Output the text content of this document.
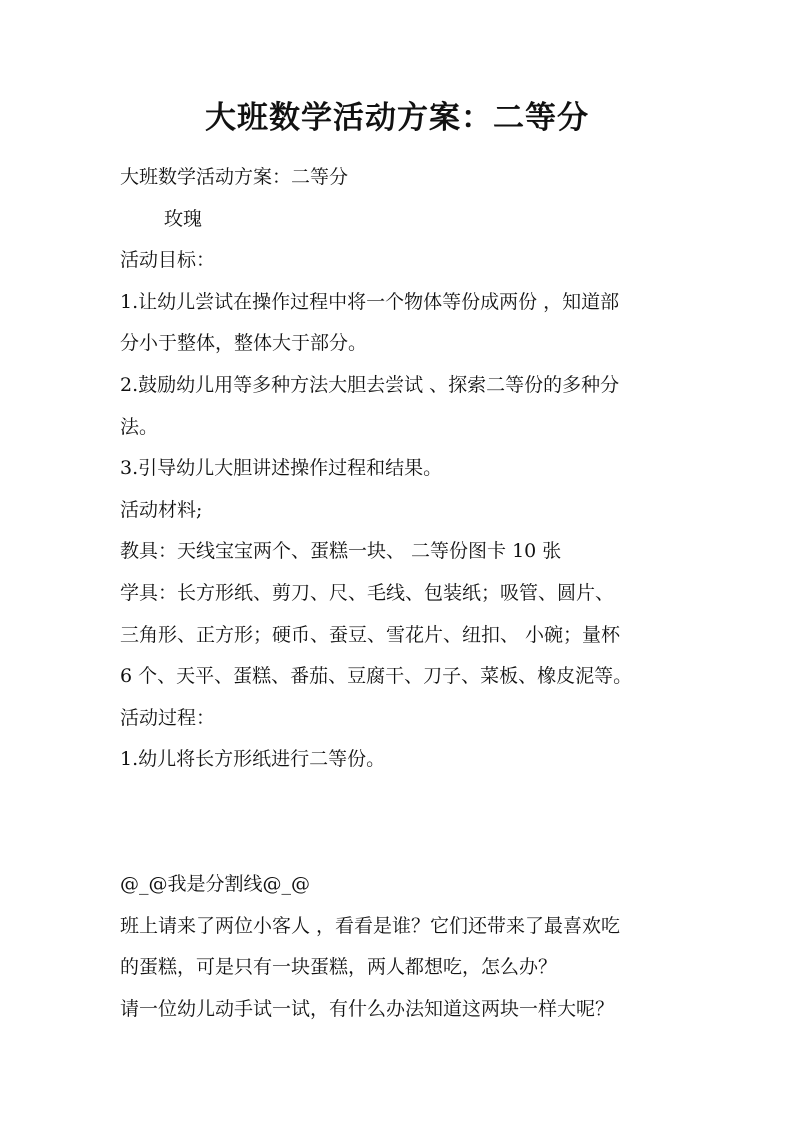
大班数学活动方案：二等分
大班数学活动方案：二等分
玫瑰
活动目标：
1.让幼儿尝试在操作过程中将一个物体等份成两份 ，知道部
分小于整体，整体大于部分。
2.鼓励幼儿用等多种方法大胆去尝试 、探索二等份的多种分
法。
3.引导幼儿大胆讲述操作过程和结果。
活动材料;
教具：天线宝宝两个、蛋糕一块、 二等份图卡 10 张
学具：长方形纸、剪刀、尺、毛线、包装纸；吸管、圆片、
三角形、正方形；硬币、蚕豆、雪花片、纽扣、 小碗；量杯
6 个、天平、蛋糕、番茄、豆腐干、刀子、菜板、橡皮泥等。
活动过程：
1.幼儿将长方形纸进行二等份。
@_@我是分割线@_@
班上请来了两位小客人 ，看看是谁？它们还带来了最喜欢吃
的蛋糕，可是只有一块蛋糕，两人都想吃，怎么办？
请一位幼儿动手试一试，有什么办法知道这两块一样大呢？
